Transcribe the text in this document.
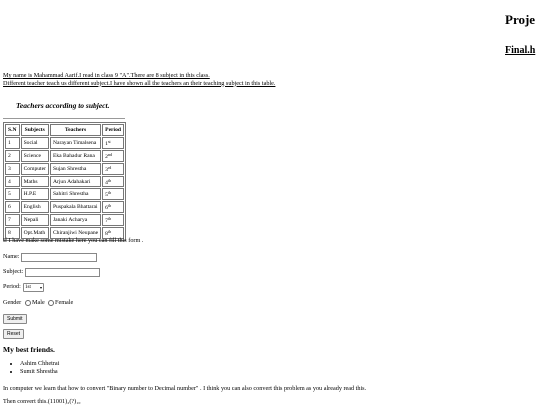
Proje
Final.h
My name is Mahammad Aarif.I read in class 9 "A".There are 8 subject in this class.
Different teacher teach us different subject.I have shown all the teachers an their teaching subject in this table.
Teachers according to subject.
S.N	Subjects	Teachers	Period
1	Social	Narayan Timalsena	1st
2	Science	Eka Bahadur Rana	2nd
3	Computer	Sujan Shrestha	3rd
4	Maths	Arjun Adahakari	4th
5	H.P.E	Sahitri Shrestha	5th
6	English	Puspakala Bhattarai	6th
7	Nepali	Janaki Acharya	7th
8	Opt.Math	Chiranjiwi Neupane	8th
If I have make some mistake here you can fill this form .
Name:
Subject:
Period: 1st ▾
Gender Male Female
Submit
Reset
My best friends.
• Ashim Chhetrai
• Sumit Shrestha
In computer we learn that how to convert "Binary number to Decimal number" . I think you can also convert this problem as you already read this.
Then convert this.(11001)₂(?)₁₀
